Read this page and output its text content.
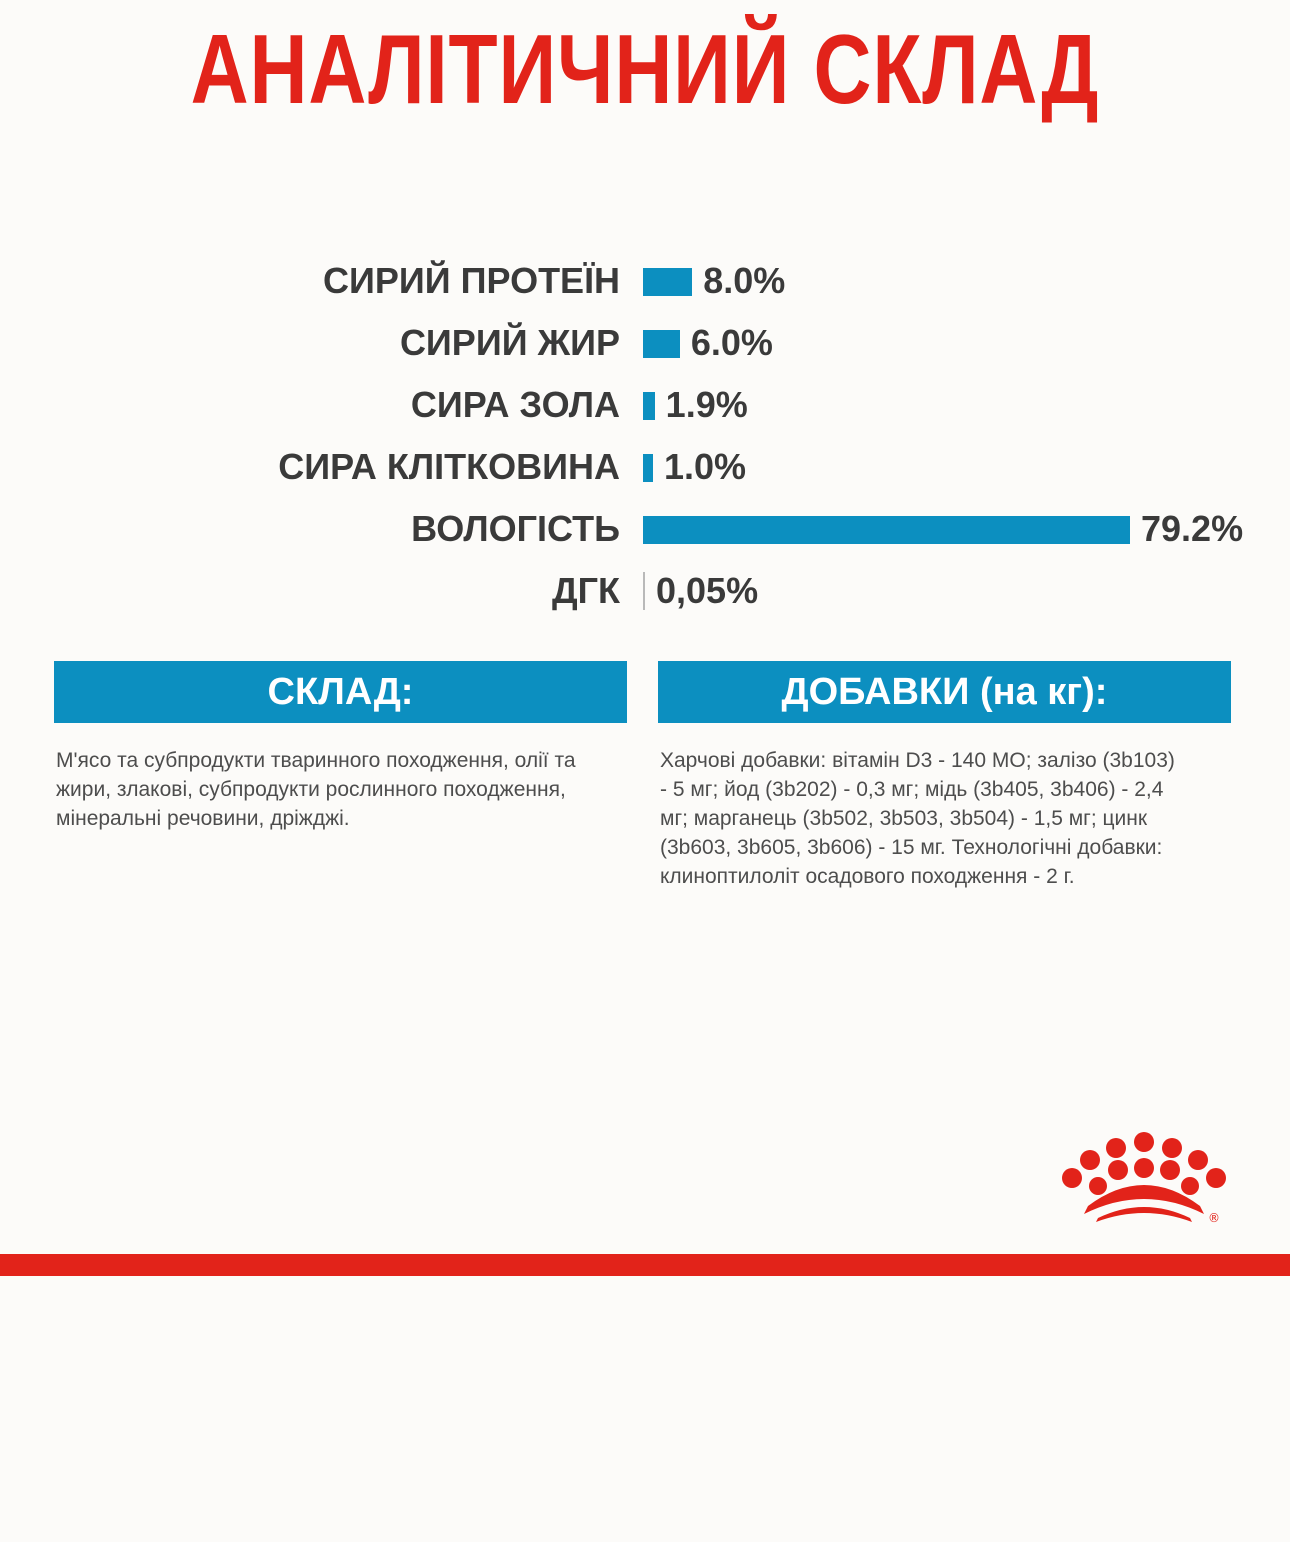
АНАЛІТИЧНИЙ СКЛАД
СИРИЙ ПРОТЕЇН 8.0%
СИРИЙ ЖИР 6.0%
СИРА ЗОЛА 1.9%
СИРА КЛІТКОВИНА 1.0%
ВОЛОГІСТЬ	79.2%
ДГК 0,05%
СКЛАД:
М'ясо та субпродукти тваринного походження, олії та жири, злакові, субпродукти рослинного походження, мінеральні речовини, дріжджі.
ДОБАВКИ (на кг):
Харчові добавки: вітамін D3 - 140 МО; залізо (3b103) - 5 мг; йод (3b202) - 0,3 мг; мідь (3b405, 3b406) - 2,4 мг; марганець (3b502, 3b503, 3b504) - 1,5 мг; цинк (3b603, 3b605, 3b606) - 15 мг. Технологічні добавки: клиноптилоліт осадового походження - 2 г.
®
